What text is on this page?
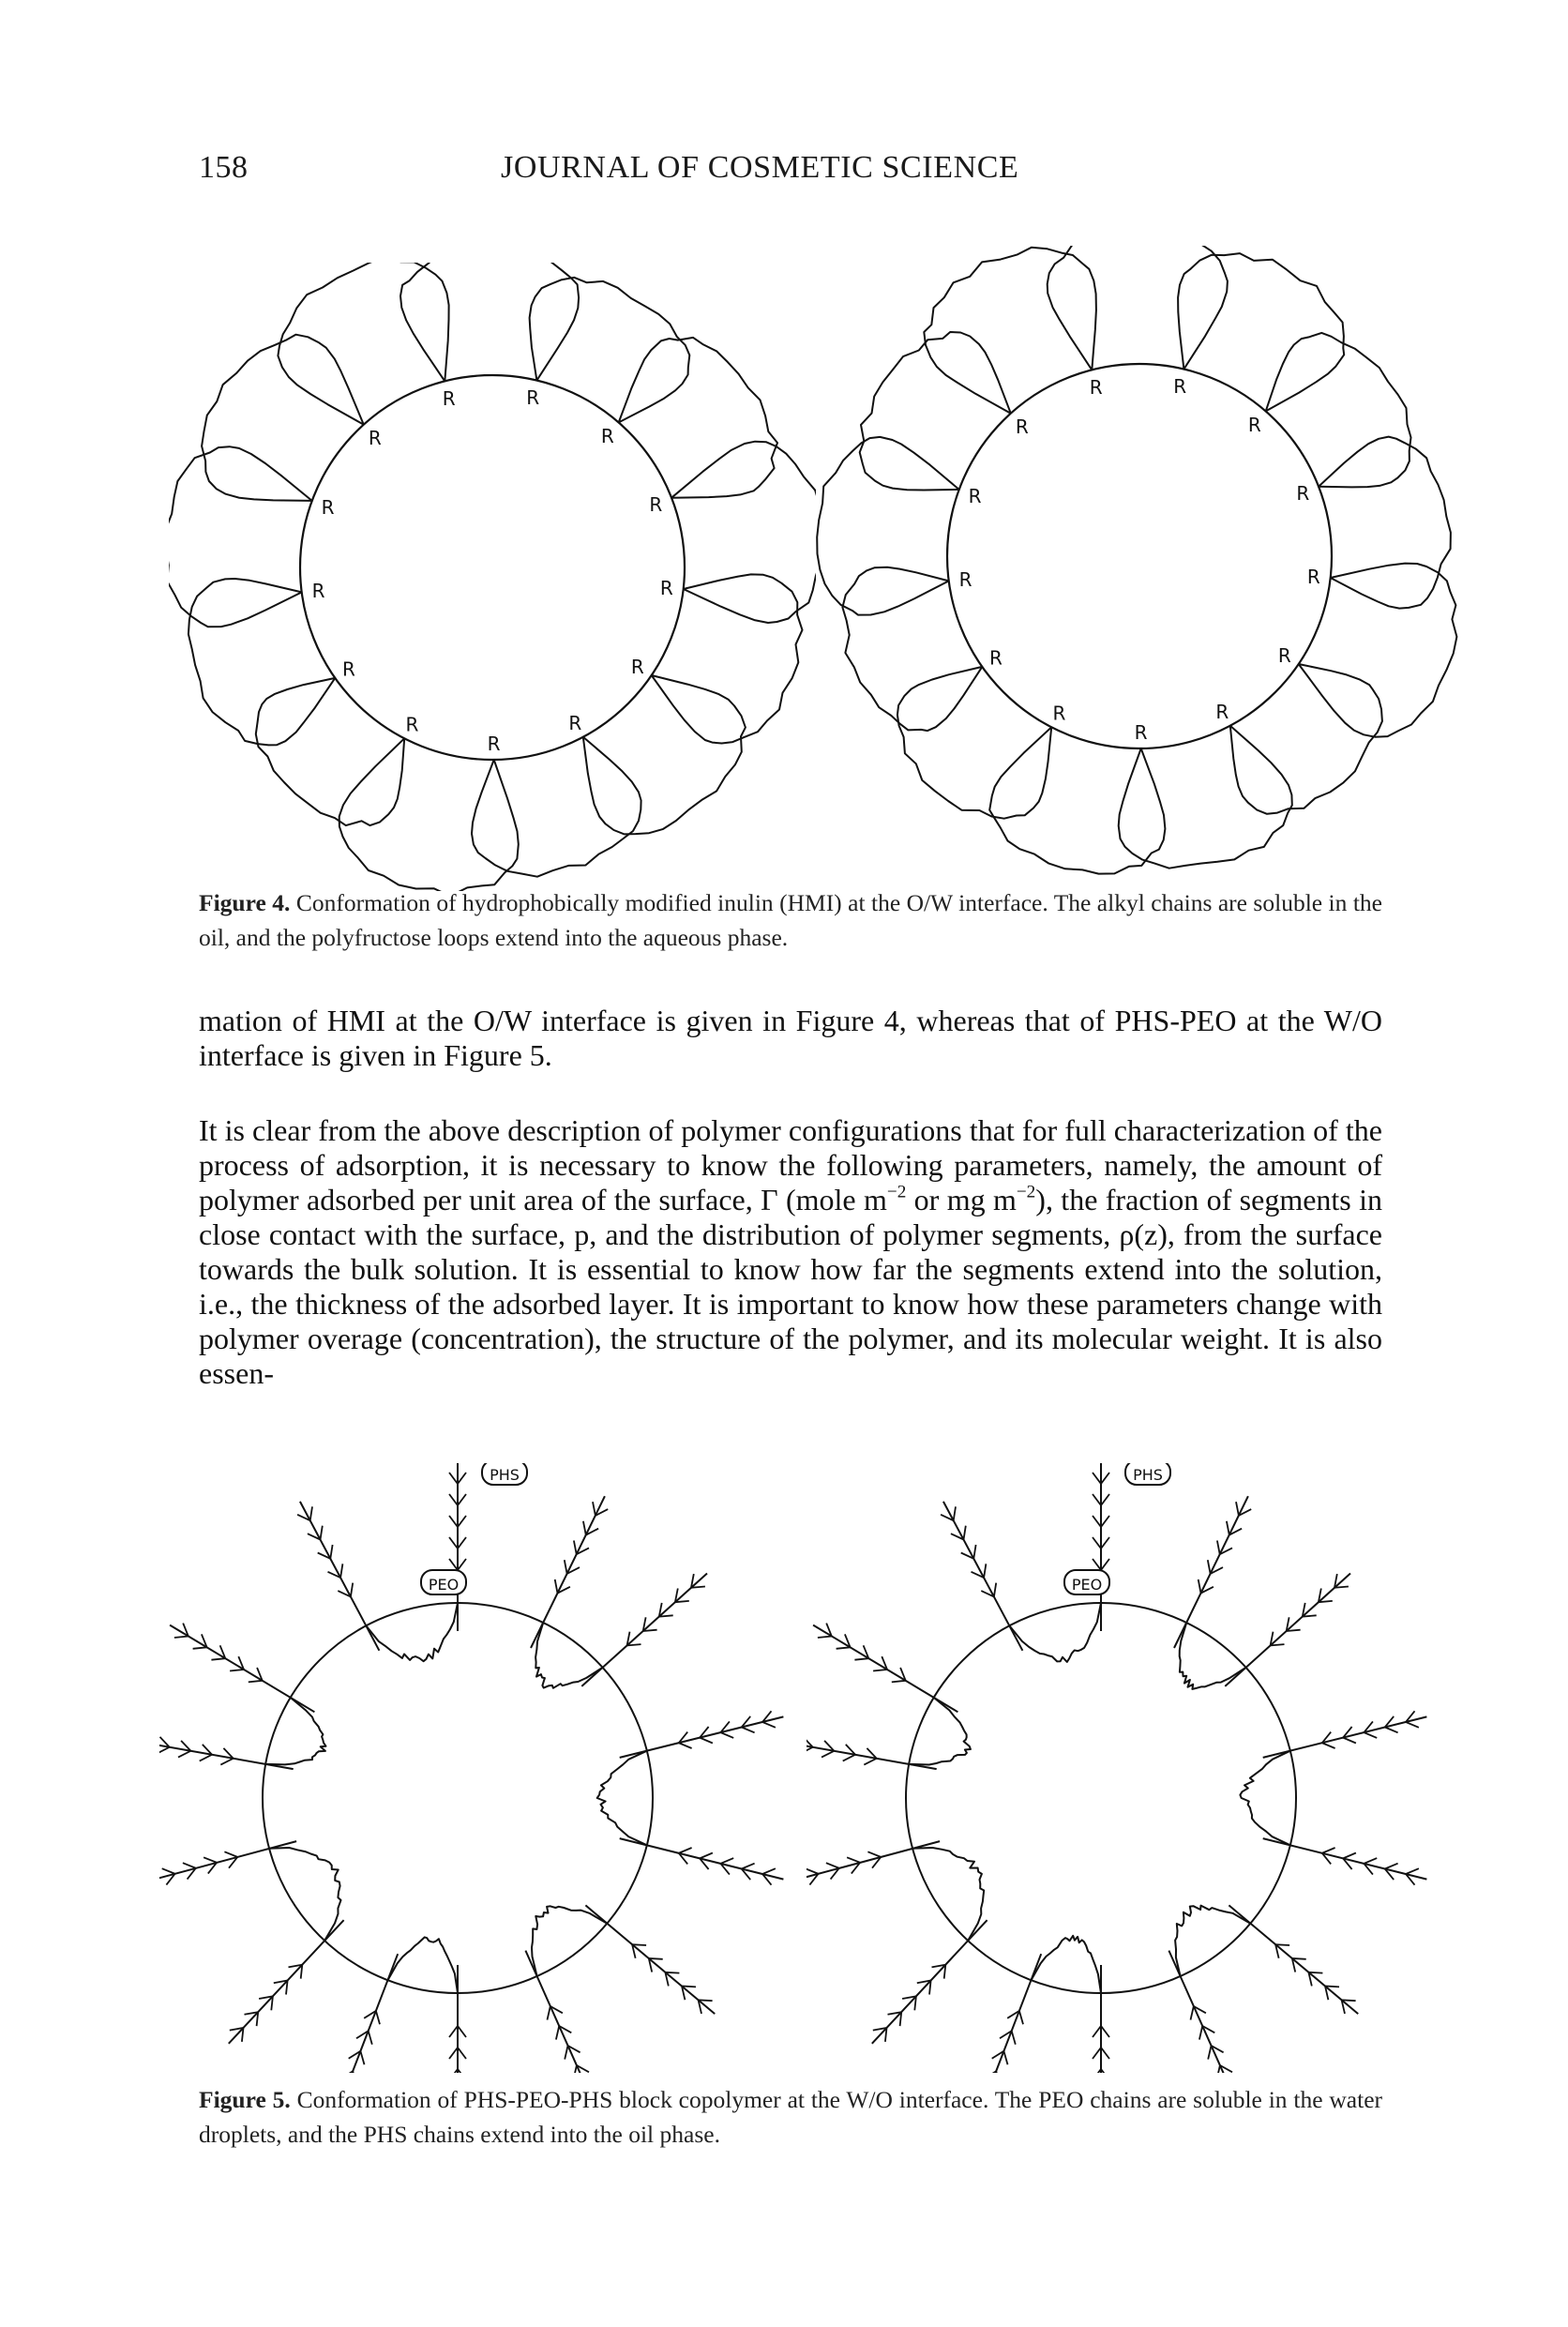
158	JOURNAL OF COSMETIC SCIENCE
R	R
R
R
R
R
R
R
R
R
R
R
R
R	R
R
R
R
R
R
R
R
R
R
R
R
Figure 4. Conformation of hydrophobically modified inulin (HMI) at the O/W interface. The alkyl chains are soluble in the oil, and the polyfructose loops extend into the aqueous phase.

mation of HMI at the O/W interface is given in Figure 4, whereas that of PHS-PEO at the W/O interface is given in Figure 5.

It is clear from the above description of polymer configurations that for full characterization of the process of adsorption, it is necessary to know the following parameters, namely, the amount of polymer adsorbed per unit area of the surface, Γ (mole $m^{-2}$ or mg $m^{-2}$), the fraction of segments in close contact with the surface, p, and the distribution of polymer segments, ρ(z), from the surface towards the bulk solution. It is essential to know how far the segments extend into the solution, i.e., the thickness of the adsorbed layer. It is important to know how these parameters change with polymer overage (concentration), the structure of the polymer, and its molecular weight. It is also essen-

PHS
PEO
PHS
PEO
Figure 5. Conformation of PHS-PEO-PHS block copolymer at the W/O interface. The PEO chains are soluble in the water droplets, and the PHS chains extend into the oil phase.
